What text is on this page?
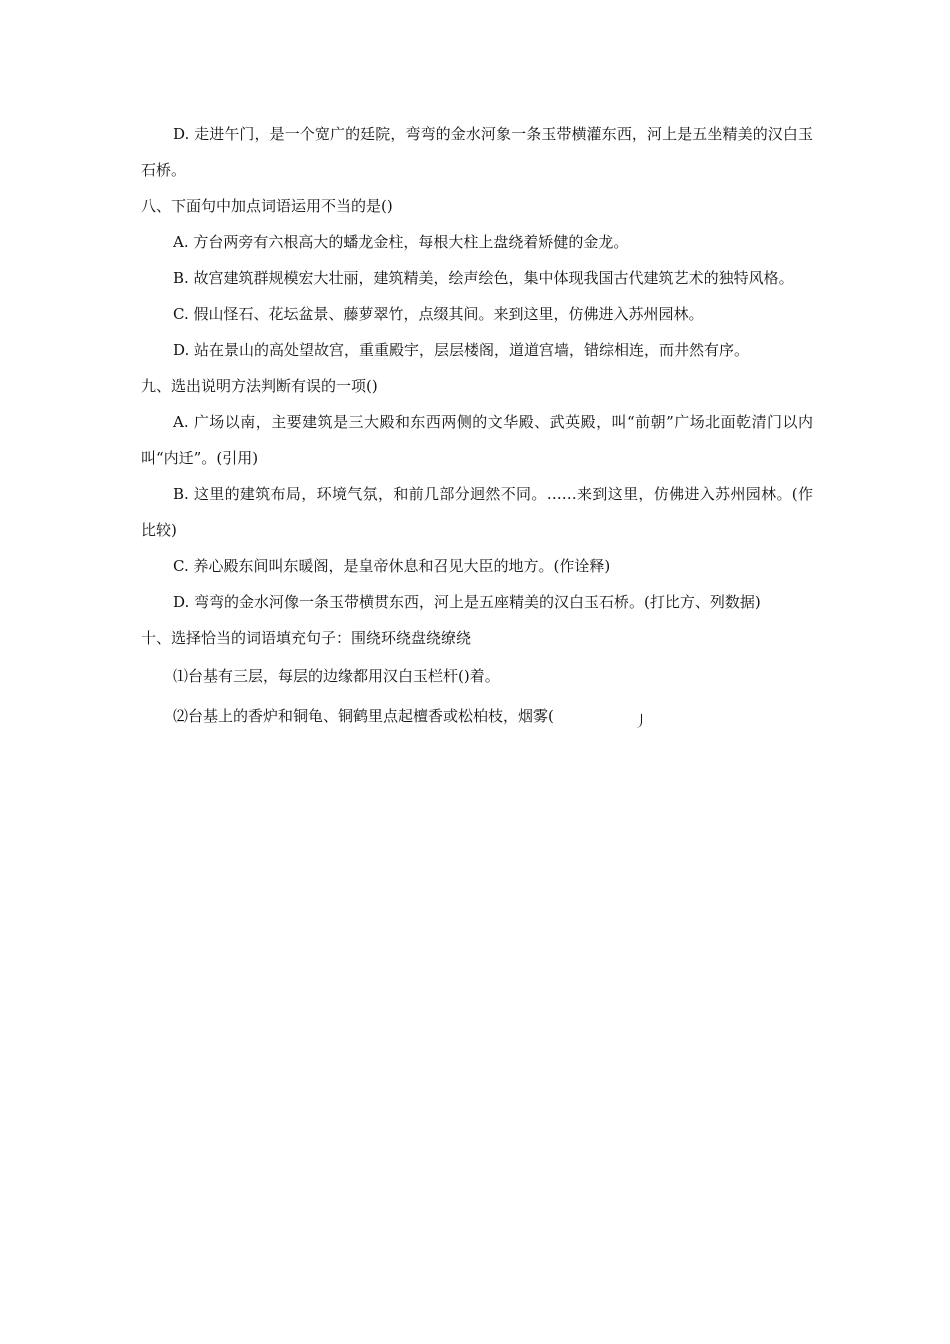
D. 走进午门，是一个宽广的廷院，弯弯的金水河象一条玉带横灌东西，河上是五坐精美的汉白玉石桥。

八、下面句中加点词语运用不当的是()

A. 方台两旁有六根高大的蟠龙金柱，每根大柱上盘绕着矫健的金龙。

B. 故宫建筑群规模宏大壮丽，建筑精美，绘声绘色，集中体现我国古代建筑艺术的独特风格。

C. 假山怪石、花坛盆景、藤萝翠竹，点缀其间。来到这里，仿佛进入苏州园林。

D. 站在景山的高处望故宫，重重殿宇，层层楼阁，道道宫墙，错综相连，而井然有序。

九、选出说明方法判断有误的一项()

A. 广场以南，主要建筑是三大殿和东西两侧的文华殿、武英殿，叫“前朝”广场北面乾清门以内叫“内迁”。(引用)

B. 这里的建筑布局，环境气氛，和前几部分迥然不同。……来到这里，仿佛进入苏州园林。(作比较)

C. 养心殿东间叫东暖阁，是皇帝休息和召见大臣的地方。(作诠释)

D. 弯弯的金水河像一条玉带横贯东西，河上是五座精美的汉白玉石桥。(打比方、列数据)

十、选择恰当的词语填充句子：围绕环绕盘绕缭绕

⑴台基有三层，每层的边缘都用汉白玉栏杆()着。

⑵台基上的香炉和铜龟、铜鹤里点起檀香或松柏枝，烟雾(
